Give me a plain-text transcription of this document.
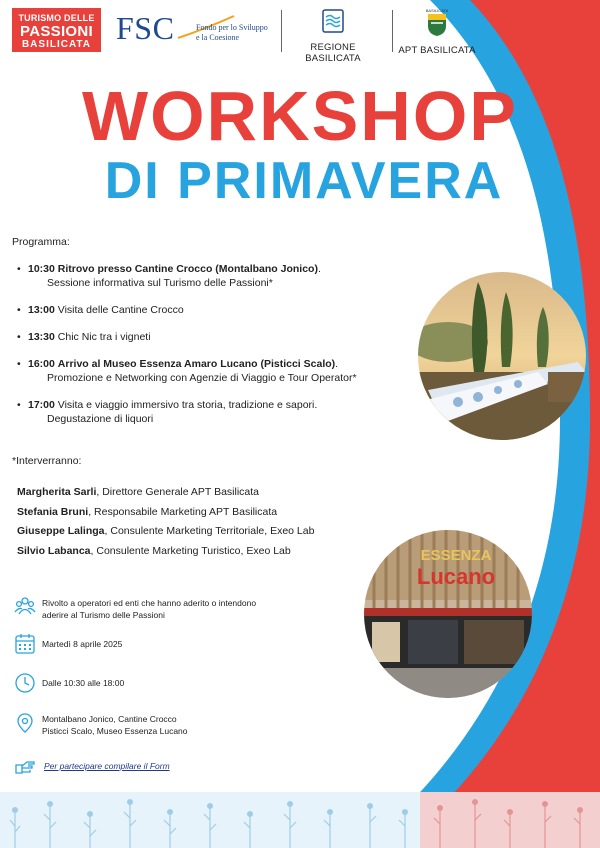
TURISMO DELLE
PASSIONI
BASILICATA FSC	Fondo per lo Sviluppo
e la Coesione
REGIONE BASILICATA
BASILICATA
APT BASILICATA
WORKSHOP
DI PRIMAVERA
Programma:
• 10:30 Ritrovo presso Cantine Crocco (Montalbano Jonico).
Sessione informativa sul Turismo delle Passioni*
• 13:00 Visita delle Cantine Crocco
• 13:30 Chic Nic tra i vigneti
• 16:00 Arrivo al Museo Essenza Amaro Lucano (Pisticci Scalo).
Promozione e Networking con Agenzie di Viaggio e Tour Operator*
• 17:00 Visita e viaggio immersivo tra storia, tradizione e sapori.
Degustazione di liquori
*Interverranno:
Margherita Sarli, Direttore Generale APT Basilicata
Stefania Bruni, Responsabile Marketing APT Basilicata
Giuseppe Lalinga, Consulente Marketing Territoriale, Exeo Lab
Silvio Labanca, Consulente Marketing Turistico, Exeo Lab	ESSENZA
Lucano
Rivolto a operatori ed enti che hanno aderito o intendono
aderire al Turismo delle Passioni
Martedì 8 aprile 2025
Dalle 10:30 alle 18:00
Montalbano Jonico, Cantine Crocco
Pisticci Scalo, Museo Essenza Lucano
Per partecipare compilare il Form
